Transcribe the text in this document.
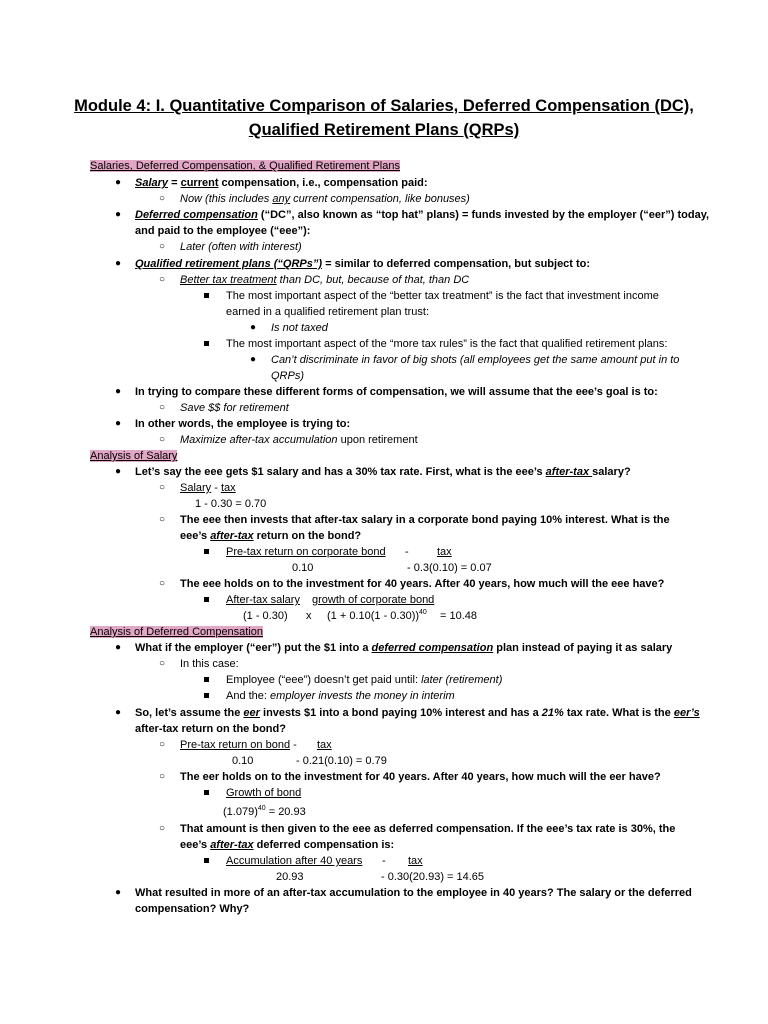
Module 4: I. Quantitative Comparison of Salaries, Deferred Compensation (DC),
Qualified Retirement Plans (QRPs)
Salaries, Deferred Compensation, & Qualified Retirement Plans
● Salary = current compensation, i.e., compensation paid:
○ Now (this includes any current compensation, like bonuses)
● Deferred compensation (“DC”, also known as “top hat” plans) = funds invested by the employer (“eer”) today,
and paid to the employee (“eee”):
○ Later (often with interest)
● Qualified retirement plans (“QRPs”) = similar to deferred compensation, but subject to:
○ Better tax treatment than DC, but, because of that, than DC
The most important aspect of the “better tax treatment” is the fact that investment income
earned in a qualified retirement plan trust:
● Is not taxed
The most important aspect of the “more tax rules” is the fact that qualified retirement plans:
● Can’t discriminate in favor of big shots (all employees get the same amount put in to
QRPs)
● In trying to compare these different forms of compensation, we will assume that the eee’s goal is to:
○ Save $$ for retirement
● In other words, the employee is trying to:
○ Maximize after-tax accumulation upon retirement
Analysis of Salary
● Let’s say the eee gets $1 salary and has a 30% tax rate. First, what is the eee’s after-tax salary?
○ Salary - tax
1 - 0.30 = 0.70
○ The eee then invests that after-tax salary in a corporate bond paying 10% interest. What is the
eee’s after-tax return on the bond?
Pre-tax return on corporate bond -	tax
0.10	- 0.3(0.10) = 0.07
○ The eee holds on to the investment for 40 years. After 40 years, how much will the eee have?
After-tax salary growth of corporate bond
(1 - 0.30) x $(1 + 0.10(1 - 0.30))^{40} = 10.48$
Analysis of Deferred Compensation
● What if the employer (“eer”) put the $1 into a deferred compensation plan instead of paying it as salary
○ In this case:
Employee (“eee”) doesn’t get paid until: later (retirement)
And the: employer invests the money in interim
● So, let’s assume the eer invests $1 into a bond paying 10% interest and has a 21% tax rate. What is the eer’s
after-tax return on the bond?
○ Pre-tax return on bond - tax
0.10	- 0.21(0.10) = 0.79
○ The eer holds on to the investment for 40 years. After 40 years, how much will the eer have?
Growth of bond
$(1.079)^{40} = 20.93$
○ That amount is then given to the eee as deferred compensation. If the eee’s tax rate is 30%, the
eee’s after-tax deferred compensation is:
Accumulation after 40 years - tax
20.93	- 0.30(20.93) = 14.65
● What resulted in more of an after-tax accumulation to the employee in 40 years? The salary or the deferred
compensation? Why?
